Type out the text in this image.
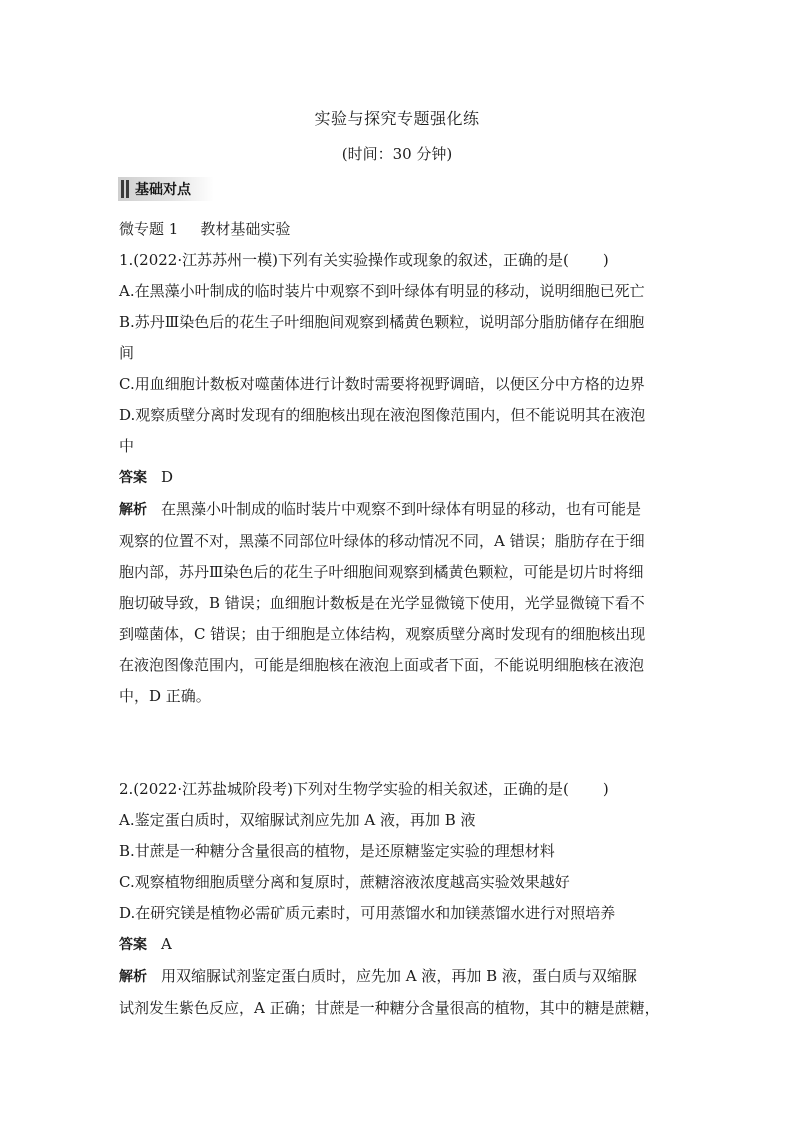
实验与探究专题强化练
(时间：30 分钟)
基础对点

微专题 1 教材基础实验

1.(2022·江苏苏州一模)下列有关实验操作或现象的叙述，正确的是( )

A.在黑藻小叶制成的临时装片中观察不到叶绿体有明显的移动，说明细胞已死亡

B.苏丹Ⅲ染色后的花生子叶细胞间观察到橘黄色颗粒，说明部分脂肪储存在细胞

间

C.用血细胞计数板对噬菌体进行计数时需要将视野调暗，以便区分中方格的边界

D.观察质壁分离时发现有的细胞核出现在液泡图像范围内，但不能说明其在液泡

中

答案 D

解析 在黑藻小叶制成的临时装片中观察不到叶绿体有明显的移动，也有可能是

观察的位置不对，黑藻不同部位叶绿体的移动情况不同，A 错误；脂肪存在于细

胞内部，苏丹Ⅲ染色后的花生子叶细胞间观察到橘黄色颗粒，可能是切片时将细

胞切破导致，B 错误；血细胞计数板是在光学显微镜下使用，光学显微镜下看不

到噬菌体，C 错误；由于细胞是立体结构，观察质壁分离时发现有的细胞核出现

在液泡图像范围内，可能是细胞核在液泡上面或者下面，不能说明细胞核在液泡

中，D 正确。

2.(2022·江苏盐城阶段考)下列对生物学实验的相关叙述，正确的是( )

A.鉴定蛋白质时，双缩脲试剂应先加 A 液，再加 B 液

B.甘蔗是一种糖分含量很高的植物，是还原糖鉴定实验的理想材料

C.观察植物细胞质壁分离和复原时，蔗糖溶液浓度越高实验效果越好

D.在研究镁是植物必需矿质元素时，可用蒸馏水和加镁蒸馏水进行对照培养

答案 A

解析 用双缩脲试剂鉴定蛋白质时，应先加 A 液，再加 B 液，蛋白质与双缩脲

试剂发生紫色反应，A 正确；甘蔗是一种糖分含量很高的植物，其中的糖是蔗糖，
